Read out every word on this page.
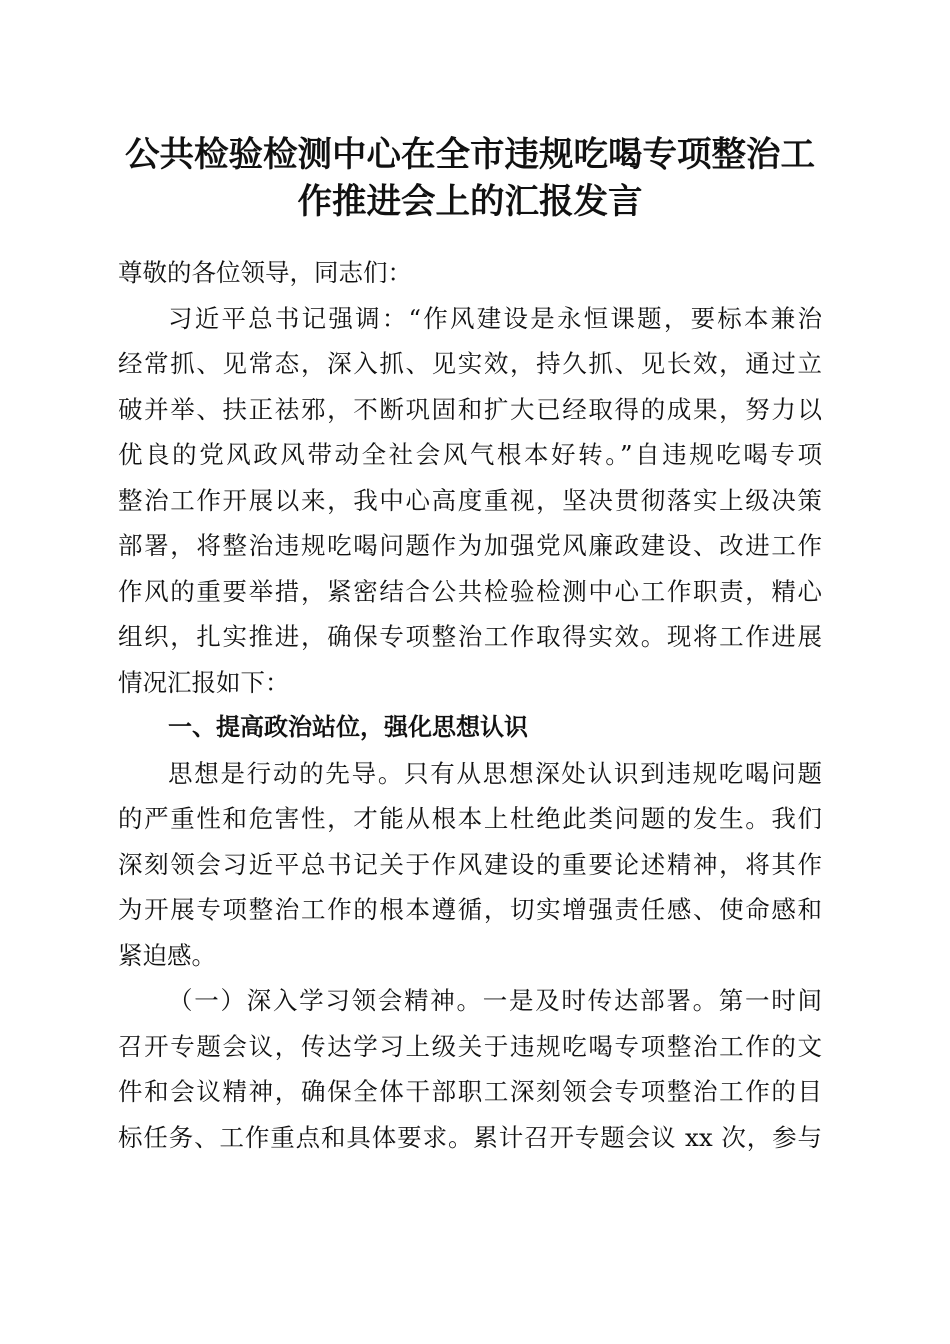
公共检验检测中心在全市违规吃喝专项整治工
作推进会上的汇报发言
尊敬的各位领导，同志们：
习近平总书记强调：“作风建设是永恒课题，要标本兼治
经常抓、见常态，深入抓、见实效，持久抓、见长效，通过立
破并举、扶正祛邪，不断巩固和扩大已经取得的成果，努力以
优良的党风政风带动全社会风气根本好转。”自违规吃喝专项
整治工作开展以来，我中心高度重视，坚决贯彻落实上级决策
部署，将整治违规吃喝问题作为加强党风廉政建设、改进工作
作风的重要举措，紧密结合公共检验检测中心工作职责，精心
组织，扎实推进，确保专项整治工作取得实效。现将工作进展
情况汇报如下：
一、提高政治站位，强化思想认识
思想是行动的先导。只有从思想深处认识到违规吃喝问题
的严重性和危害性，才能从根本上杜绝此类问题的发生。我们
深刻领会习近平总书记关于作风建设的重要论述精神，将其作
为开展专项整治工作的根本遵循，切实增强责任感、使命感和
紧迫感。
（一）深入学习领会精神。一是及时传达部署。第一时间
召开专题会议，传达学习上级关于违规吃喝专项整治工作的文
件和会议精神，确保全体干部职工深刻领会专项整治工作的目
标任务、工作重点和具体要求。累计召开专题会议 xx 次，参与
